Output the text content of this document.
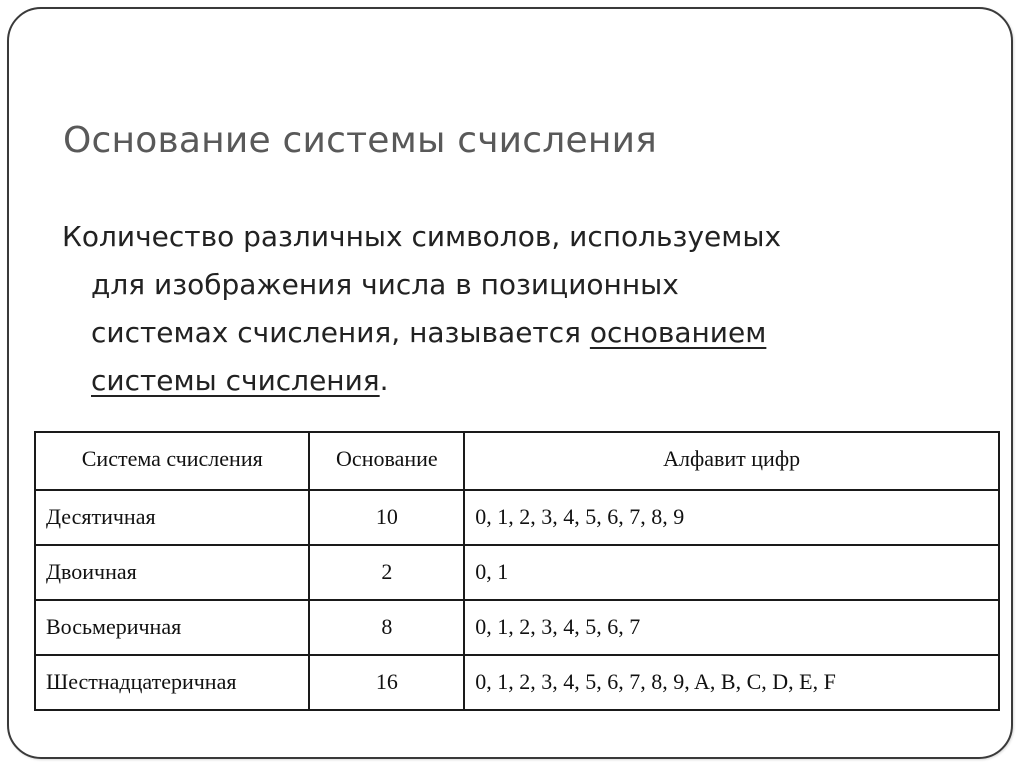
Основание системы счисления

Количество различных символов, используемых
для изображения числа в позиционных
системах счисления, называется основанием
системы счисления.

Система счисления	Основание	Алфавит цифр
Десятичная	10	0, 1, 2, 3, 4, 5, 6, 7, 8, 9
Двоичная	2	0, 1
Восьмеричная	8	0, 1, 2, 3, 4, 5, 6, 7
Шестнадцатеричная	16	0, 1, 2, 3, 4, 5, 6, 7, 8, 9, A, B, C, D, E, F
